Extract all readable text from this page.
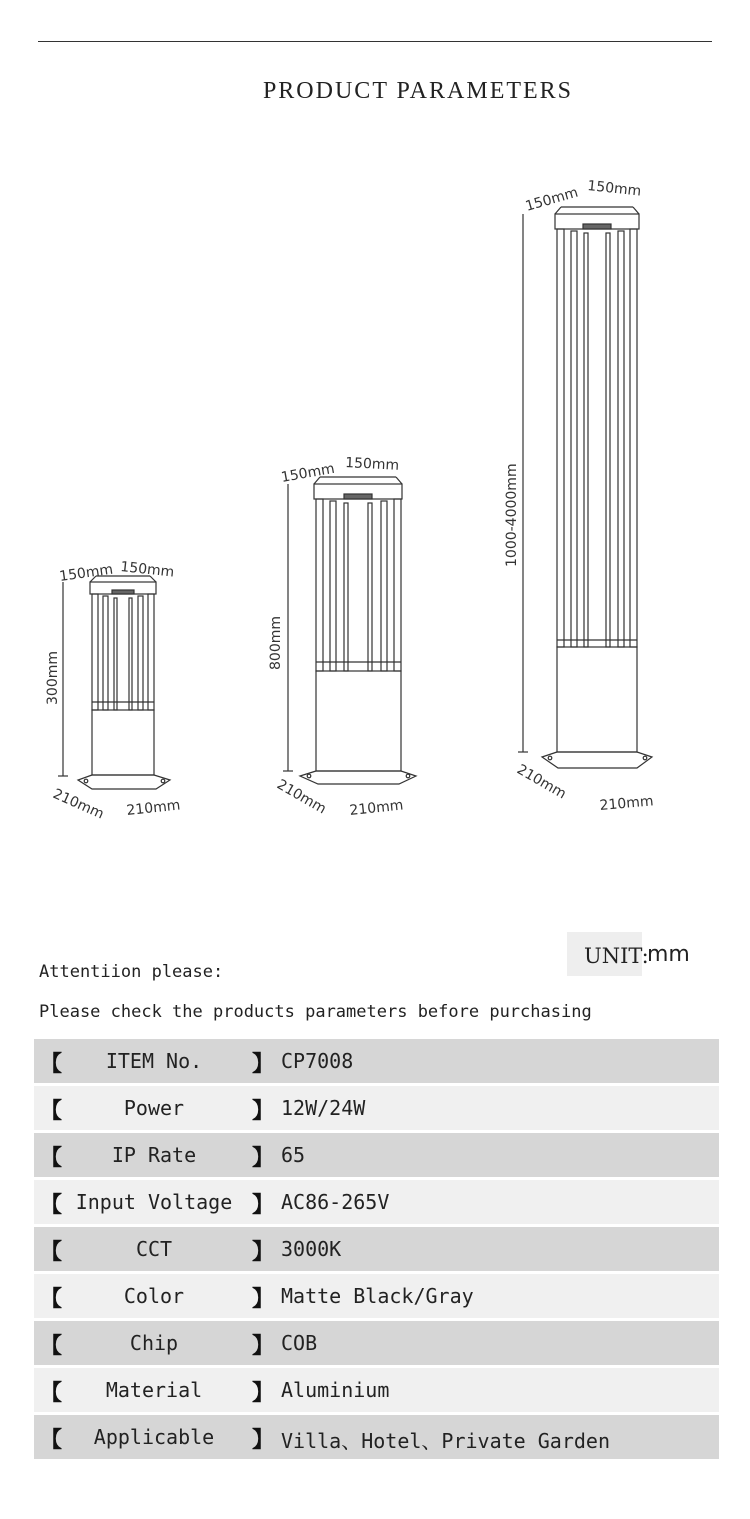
PRODUCT PARAMETERS
150mm 150mm
300mm
210mm 210mm
150mm 150mm
800mm
210mm 210mm
150mm 150mm
1000-4000mm
210mm
210mm
UNIT:
mm
Attentiion please:
Please check the products parameters before purchasing
【	ITEM No.	】 CP7008
【	Power	】 12W/24W
【	IP Rate	】 65
【 Input Voltage 】 AC86-265V
【	CCT	】 3000K
【	Color	】 Matte Black/Gray
【	Chip	】 COB
【	Material	】 Aluminium
【	Applicable	】 Villa、Hotel、Private Garden
